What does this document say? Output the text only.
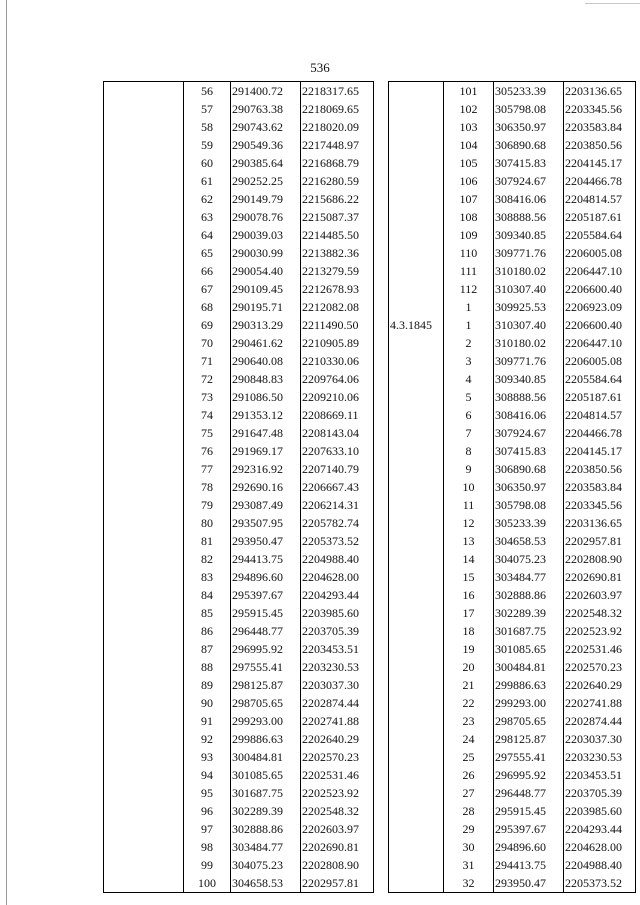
536
	56	291400.72	2218317.65			101	305233.39	2203136.65
	57	290763.38	2218069.65			102	305798.08	2203345.56
	58	290743.62	2218020.09			103	306350.97	2203583.84
	59	290549.36	2217448.97			104	306890.68	2203850.56
	60	290385.64	2216868.79			105	307415.83	2204145.17
	61	290252.25	2216280.59			106	307924.67	2204466.78
	62	290149.79	2215686.22			107	308416.06	2204814.57
	63	290078.76	2215087.37			108	308888.56	2205187.61
	64	290039.03	2214485.50			109	309340.85	2205584.64
	65	290030.99	2213882.36			110	309771.76	2206005.08
	66	290054.40	2213279.59			111	310180.02	2206447.10
	67	290109.45	2212678.93			112	310307.40	2206600.40
	68	290195.71	2212082.08			1	309925.53	2206923.09
	69	290313.29	2211490.50		4.3.1845	1	310307.40	2206600.40
	70	290461.62	2210905.89			2	310180.02	2206447.10
	71	290640.08	2210330.06			3	309771.76	2206005.08
	72	290848.83	2209764.06			4	309340.85	2205584.64
	73	291086.50	2209210.06			5	308888.56	2205187.61
	74	291353.12	2208669.11			6	308416.06	2204814.57
	75	291647.48	2208143.04			7	307924.67	2204466.78
	76	291969.17	2207633.10			8	307415.83	2204145.17
	77	292316.92	2207140.79			9	306890.68	2203850.56
	78	292690.16	2206667.43			10	306350.97	2203583.84
	79	293087.49	2206214.31			11	305798.08	2203345.56
	80	293507.95	2205782.74			12	305233.39	2203136.65
	81	293950.47	2205373.52			13	304658.53	2202957.81
	82	294413.75	2204988.40			14	304075.23	2202808.90
	83	294896.60	2204628.00			15	303484.77	2202690.81
	84	295397.67	2204293.44			16	302888.86	2202603.97
	85	295915.45	2203985.60			17	302289.39	2202548.32
	86	296448.77	2203705.39			18	301687.75	2202523.92
	87	296995.92	2203453.51			19	301085.65	2202531.46
	88	297555.41	2203230.53			20	300484.81	2202570.23
	89	298125.87	2203037.30			21	299886.63	2202640.29
	90	298705.65	2202874.44			22	299293.00	2202741.88
	91	299293.00	2202741.88			23	298705.65	2202874.44
	92	299886.63	2202640.29			24	298125.87	2203037.30
	93	300484.81	2202570.23			25	297555.41	2203230.53
	94	301085.65	2202531.46			26	296995.92	2203453.51
	95	301687.75	2202523.92			27	296448.77	2203705.39
	96	302289.39	2202548.32			28	295915.45	2203985.60
	97	302888.86	2202603.97			29	295397.67	2204293.44
	98	303484.77	2202690.81			30	294896.60	2204628.00
	99	304075.23	2202808.90			31	294413.75	2204988.40
	100	304658.53	2202957.81			32	293950.47	2205373.52
